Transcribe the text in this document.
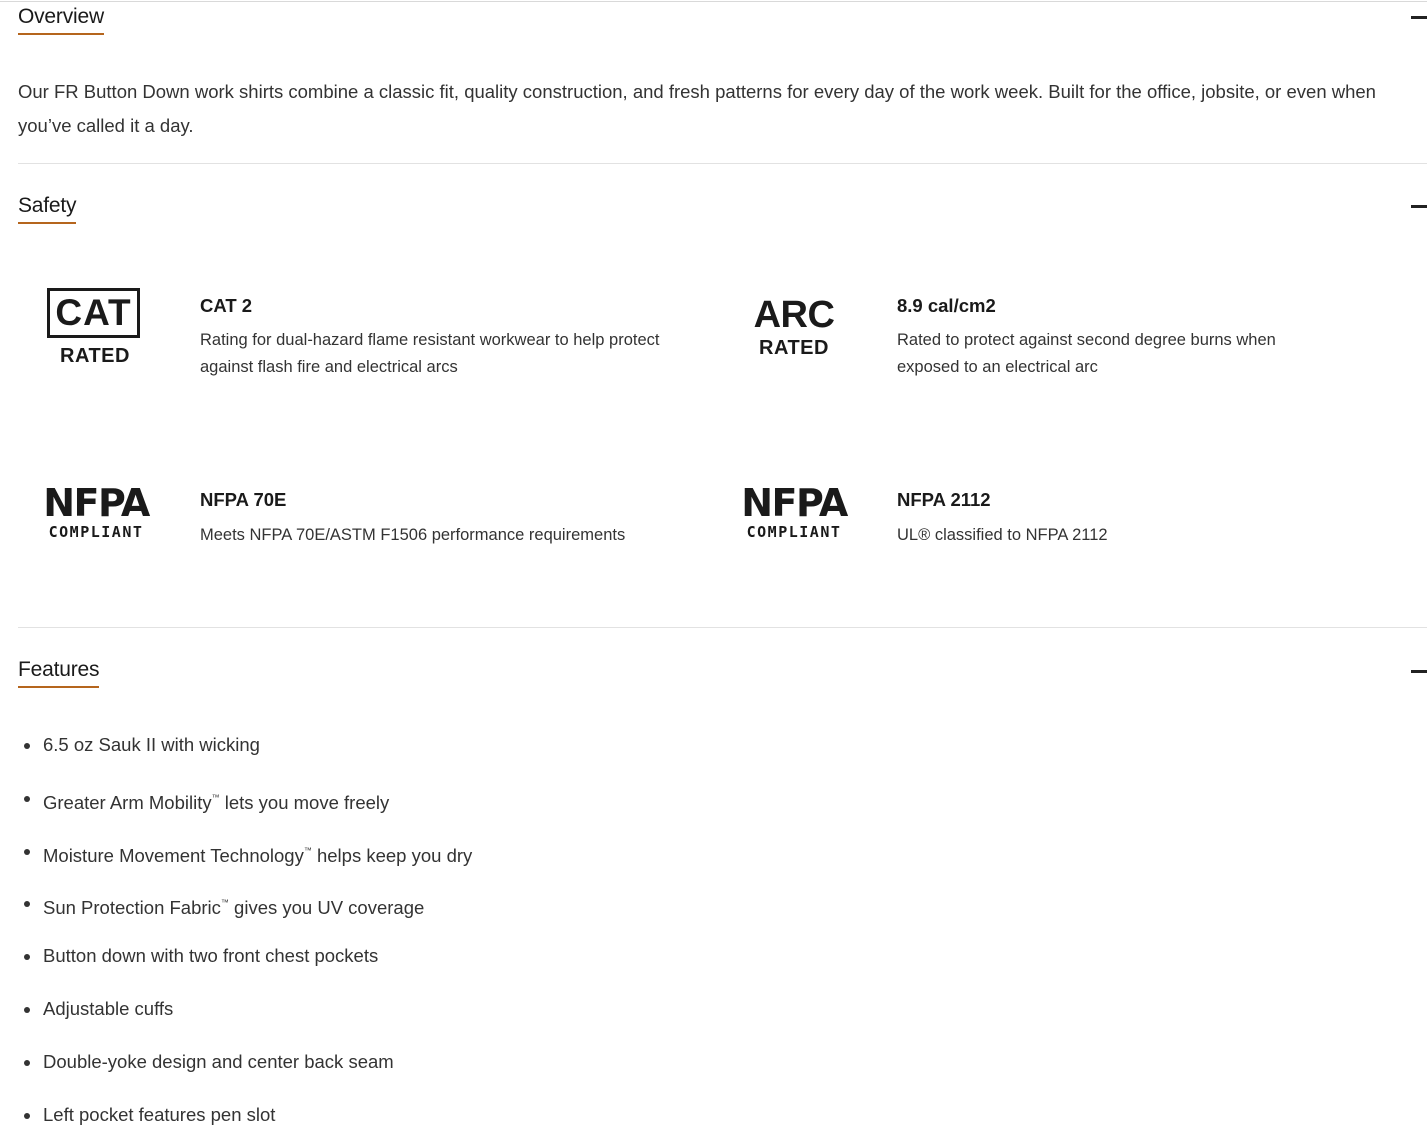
Overview

Our FR Button Down work shirts combine a classic fit, quality construction, and fresh patterns for every day of the work week. Built for the office, jobsite, or even when you’ve called it a day.

Safety
CAT
RATED
CAT 2

Rating for dual-hazard flame resistant workwear to help protect against flash fire and electrical arcs

ARC
RATED
8.9 cal/cm2

Rated to protect against second degree burns when exposed to an electrical arc

NFPA
COMPLIANT
NFPA 70E

Meets NFPA 70E/ASTM F1506 performance requirements

NFPA
COMPLIANT
NFPA 2112

UL® classified to NFPA 2112

Features
6.5 oz Sauk II with wicking
Greater Arm Mobility™ lets you move freely
Moisture Movement Technology™ helps keep you dry
Sun Protection Fabric™ gives you UV coverage
Button down with two front chest pockets
Adjustable cuffs
Double-yoke design and center back seam
Left pocket features pen slot
